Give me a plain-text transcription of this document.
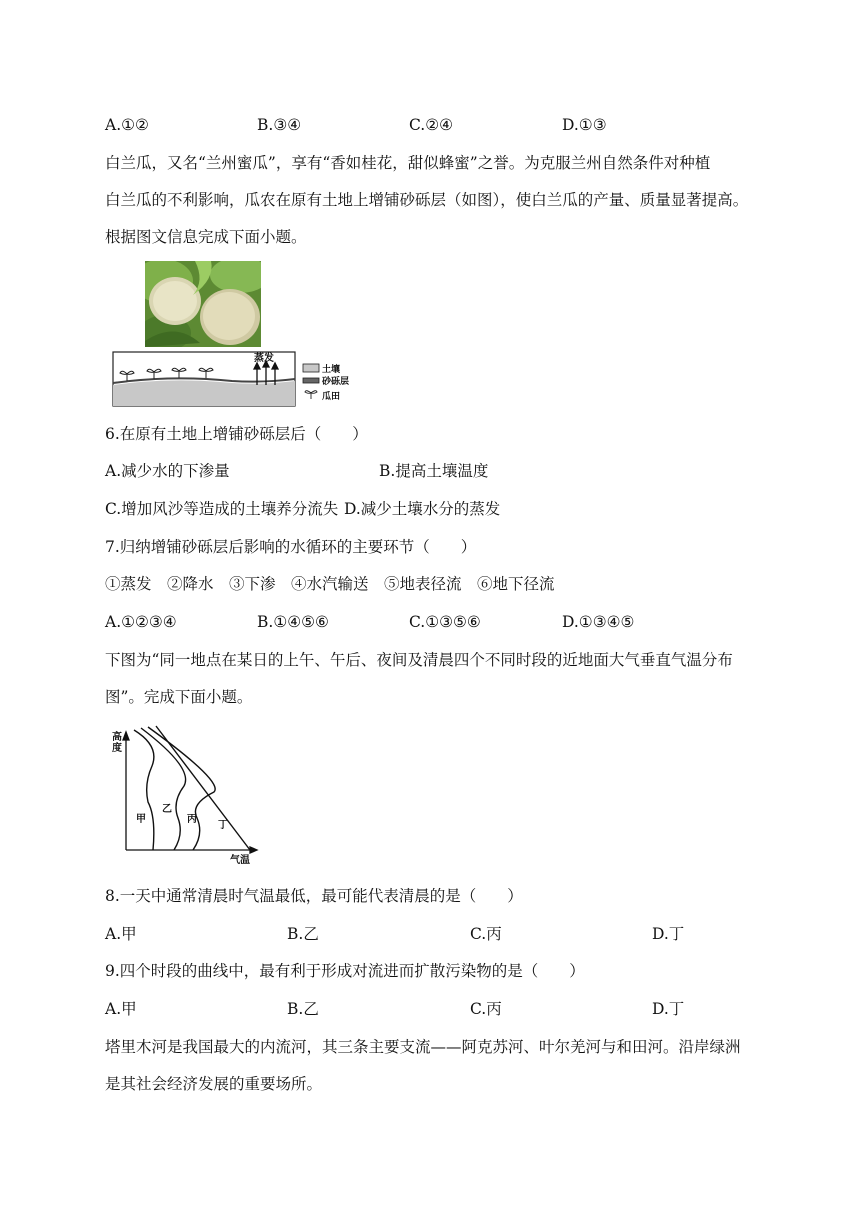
A.①②	B.③④	C.②④	D.①③
白兰瓜，又名“兰州蜜瓜”，享有“香如桂花，甜似蜂蜜”之誉。为克服兰州自然条件对种植
白兰瓜的不利影响，瓜农在原有土地上增铺砂砾层（如图），使白兰瓜的产量、质量显著提高。
根据图文信息完成下面小题。
蒸发
土壤
砂砾层
瓜田
6.在原有土地上增铺砂砾层后（　　）
A.减少水的下渗量	B.提高土壤温度
C.增加风沙等造成的土壤养分流失 D.减少土壤水分的蒸发
7.归纳增铺砂砾层后影响的水循环的主要环节（　　）
①蒸发　②降水　③下渗　④水汽输送　⑤地表径流　⑥地下径流
A.①②③④	B.①④⑤⑥	C.①③⑤⑥	D.①③④⑤
下图为“同一地点在某日的上午、午后、夜间及清晨四个不同时段的近地面大气垂直气温分布
图”。完成下面小题。
高
度
气温
甲
乙
丙
丁
8.一天中通常清晨时气温最低，最可能代表清晨的是（　　）
A.甲	B.乙	C.丙	D.丁
9.四个时段的曲线中，最有利于形成对流进而扩散污染物的是（　　）
A.甲	B.乙	C.丙	D.丁
塔里木河是我国最大的内流河，其三条主要支流——阿克苏河、叶尔羌河与和田河。沿岸绿洲
是其社会经济发展的重要场所。
